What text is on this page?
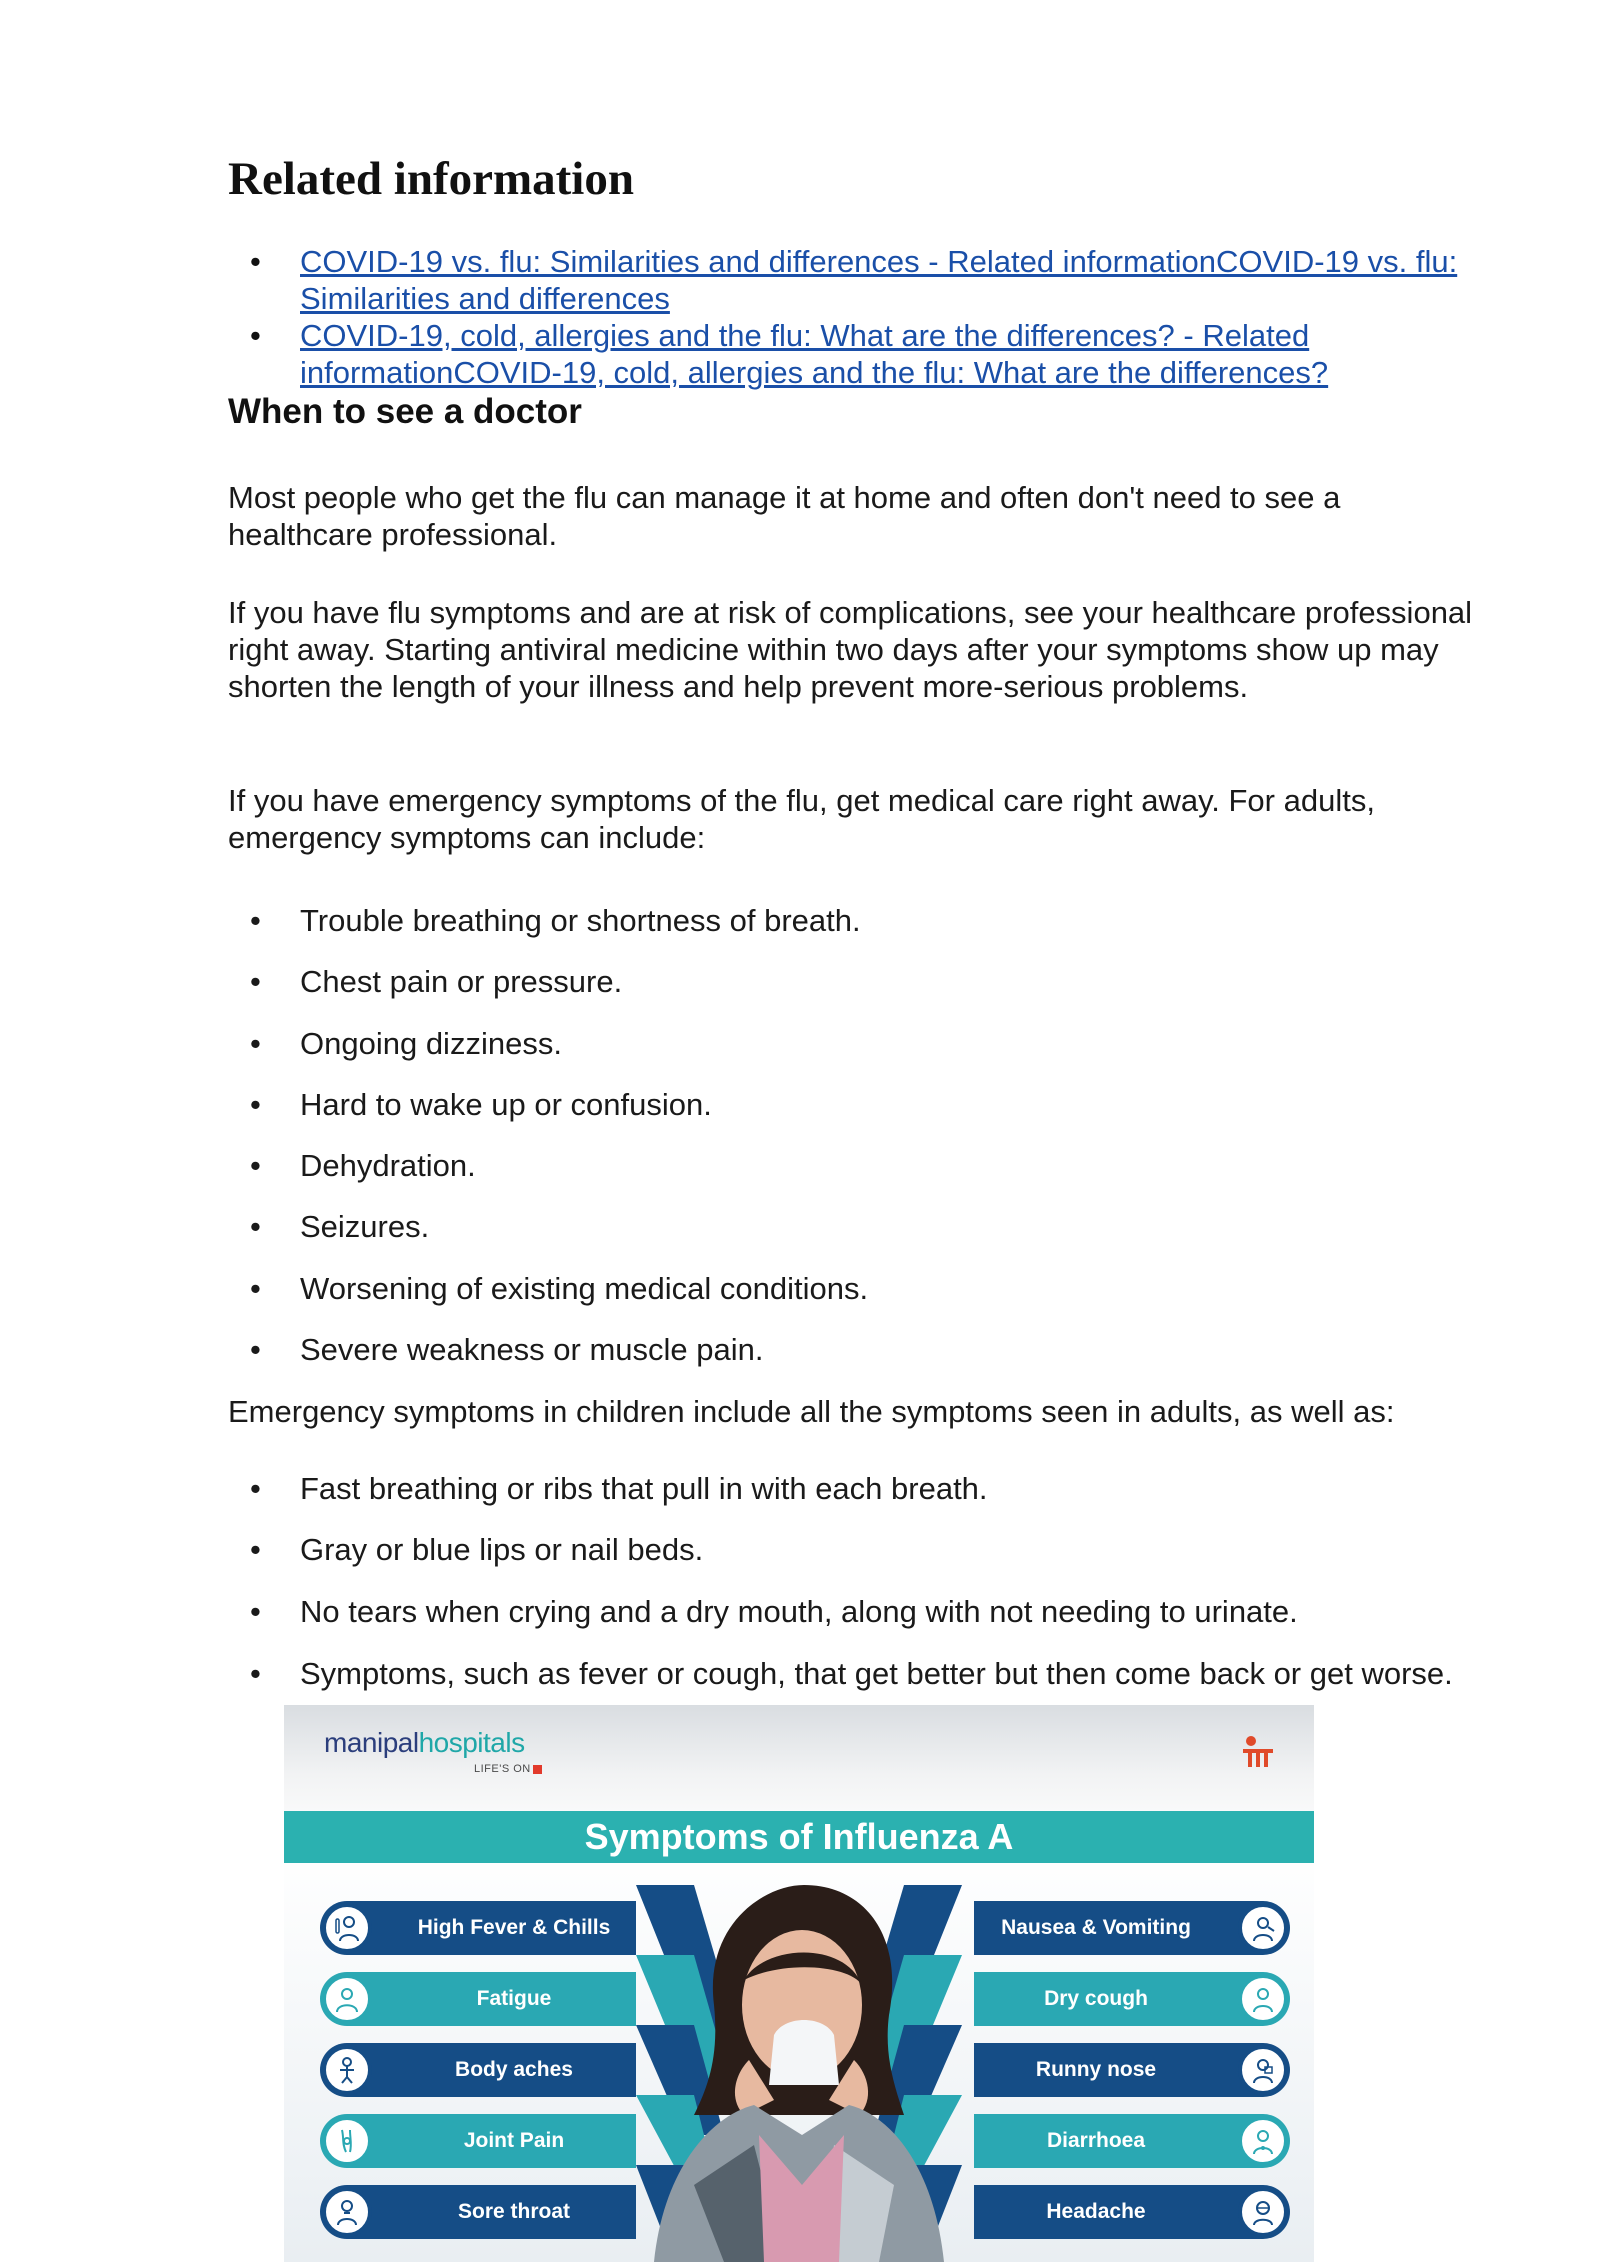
Related information
• COVID-19 vs. flu: Similarities and differences - Related informationCOVID-19 vs. flu: Similarities and differences
• COVID-19, cold, allergies and the flu: What are the differences? - Related informationCOVID-19, cold, allergies and the flu: What are the differences?
When to see a doctor

Most people who get the flu can manage it at home and often don't need to see a healthcare professional.

If you have flu symptoms and are at risk of complications, see your healthcare professional right away. Starting antiviral medicine within two days after your symptoms show up may shorten the length of your illness and help prevent more-serious problems.

If you have emergency symptoms of the flu, get medical care right away. For adults, emergency symptoms can include:

• Trouble breathing or shortness of breath.
• Chest pain or pressure.
• Ongoing dizziness.
• Hard to wake up or confusion.
• Dehydration.
• Seizures.
• Worsening of existing medical conditions.
• Severe weakness or muscle pain.

Emergency symptoms in children include all the symptoms seen in adults, as well as:

• Fast breathing or ribs that pull in with each breath.
• Gray or blue lips or nail beds.
• No tears when crying and a dry mouth, along with not needing to urinate.
• Symptoms, such as fever or cough, that get better but then come back or get worse.
manipalhospitals
LIFE'S ON
Symptoms of Influenza A
High Fever & Chills
Fatigue
Body aches
Joint Pain
Sore throat
Nausea & Vomiting
Dry cough
Runny nose
Diarrhoea
Headache
